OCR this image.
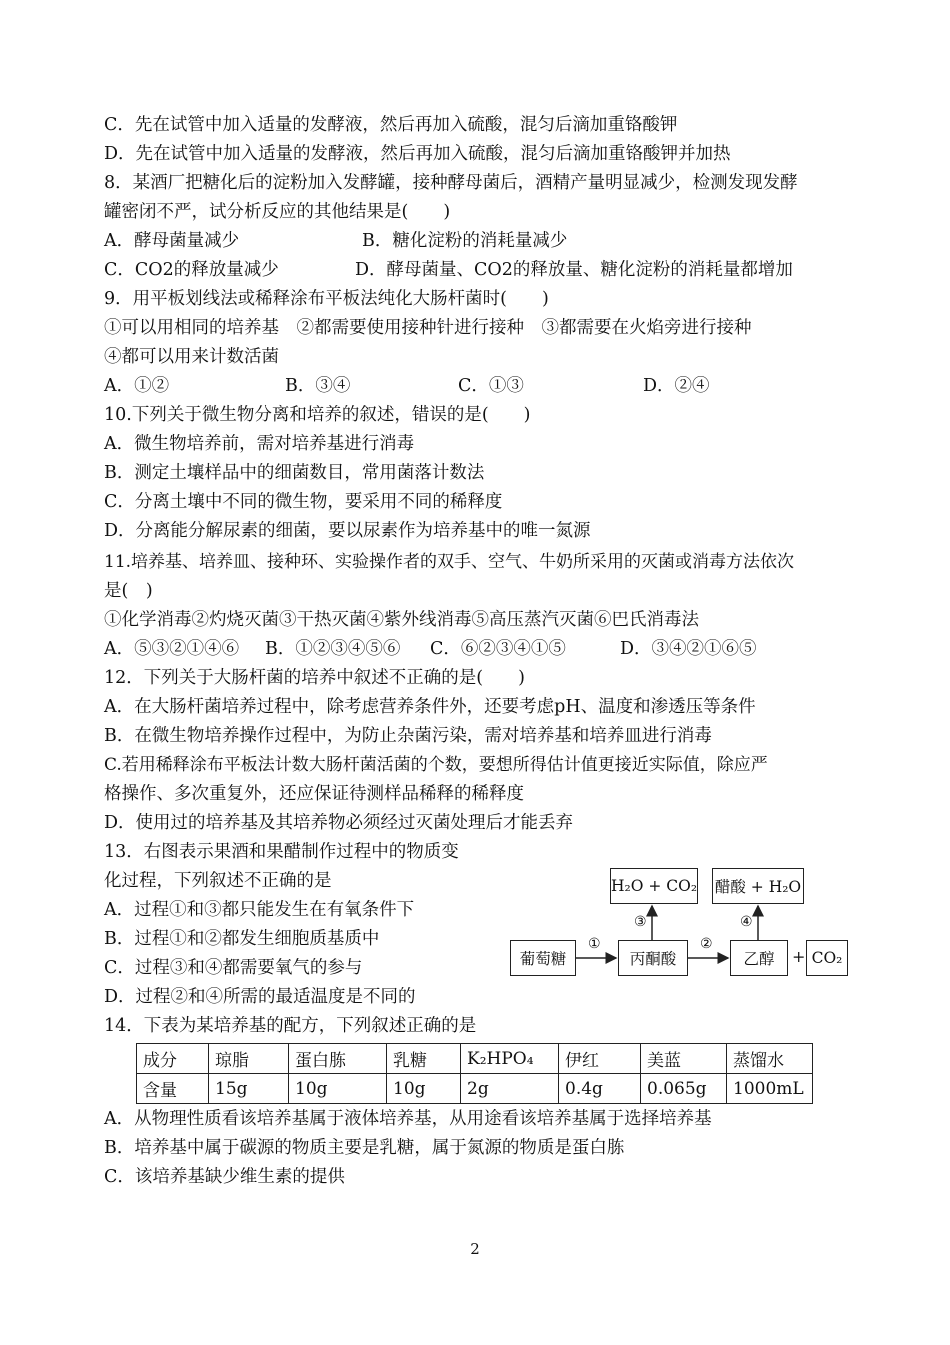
C．先在试管中加入适量的发酵液，然后再加入硫酸，混匀后滴加重铬酸钾
D．先在试管中加入适量的发酵液，然后再加入硫酸，混匀后滴加重铬酸钾并加热
8．某酒厂把糖化后的淀粉加入发酵罐，接种酵母菌后，酒精产量明显减少，检测发现发酵
罐密闭不严，试分析反应的其他结果是(　　)
A．酵母菌量减少	B．糖化淀粉的消耗量减少
C．CO2的释放量减少	D．酵母菌量、CO2的释放量、糖化淀粉的消耗量都增加
9．用平板划线法或稀释涂布平板法纯化大肠杆菌时(　　)
①可以用相同的培养基　②都需要使用接种针进行接种　③都需要在火焰旁进行接种
④都可以用来计数活菌
A．①②	B．③④	C．①③	D．②④
10.下列关于微生物分离和培养的叙述，错误的是(　　)
A．微生物培养前，需对培养基进行消毒
B．测定土壤样品中的细菌数目，常用菌落计数法
C．分离土壤中不同的微生物，要采用不同的稀释度
D．分离能分解尿素的细菌，要以尿素作为培养基中的唯一氮源
11.培养基、培养皿、接种环、实验操作者的双手、空气、牛奶所采用的灭菌或消毒方法依次
是(　)
①化学消毒②灼烧灭菌③干热灭菌④紫外线消毒⑤高压蒸汽灭菌⑥巴氏消毒法
A．⑤③②①④⑥ B．①②③④⑤⑥ C．⑥②③④①⑤	D．③④②①⑥⑤
12．下列关于大肠杆菌的培养中叙述不正确的是(　　)
A．在大肠杆菌培养过程中，除考虑营养条件外，还要考虑pH、温度和渗透压等条件
B．在微生物培养操作过程中，为防止杂菌污染，需对培养基和培养皿进行消毒
C.若用稀释涂布平板法计数大肠杆菌活菌的个数，要想所得估计值更接近实际值，除应严
格操作、多次重复外，还应保证待测样品稀释的稀释度
D．使用过的培养基及其培养物必须经过灭菌处理后才能丢弃
13．右图表示果酒和果醋制作过程中的物质变
化过程，下列叙述不正确的是
A．过程①和③都只能发生在有氧条件下
B．过程①和②都发生细胞质基质中
C．过程③和④都需要氧气的参与
D．过程②和④所需的最适温度是不同的
葡萄糖	丙酮酸	乙醇	+ CO₂
H₂O + CO₂ 醋酸 + H₂O
①	②
③	④
14．下表为某培养基的配方，下列叙述正确的是
成分	琼脂	蛋白胨	乳糖	K₂HPO₄	伊红	美蓝	蒸馏水
含量	15g	10g	10g	2g	0.4g	0.065g	1000mL
A．从物理性质看该培养基属于液体培养基，从用途看该培养基属于选择培养基
B．培养基中属于碳源的物质主要是乳糖，属于氮源的物质是蛋白胨
C．该培养基缺少维生素的提供
2
